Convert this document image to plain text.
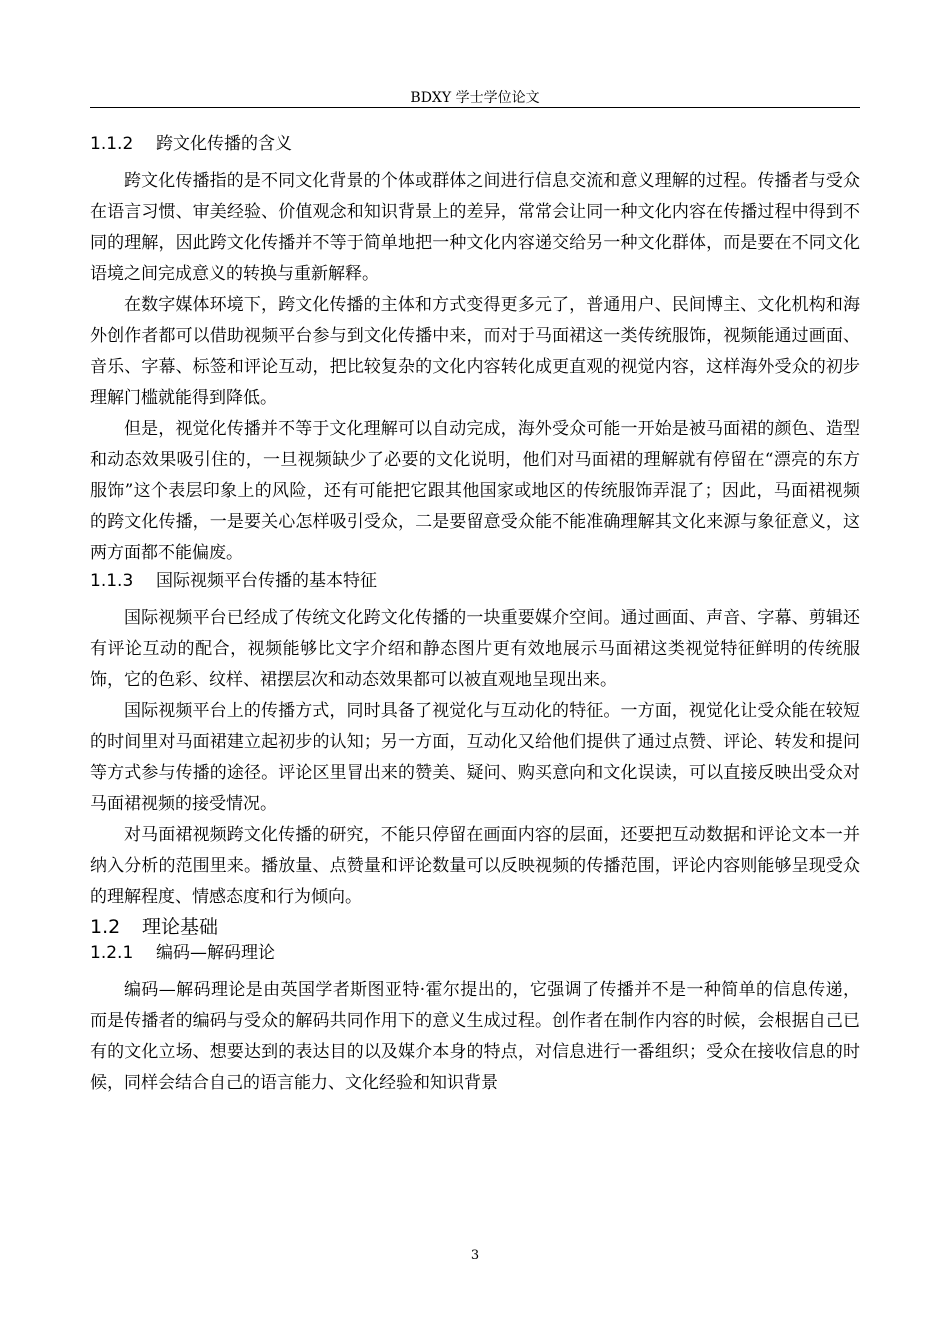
BDXY 学士学位论文
1.1.2 跨文化传播的含义

跨文化传播指的是不同文化背景的个体或群体之间进行信息交流和意义理解的过程。传播者与受众在语言习惯、审美经验、价值观念和知识背景上的差异，常常会让同一种文化内容在传播过程中得到不同的理解，因此跨文化传播并不等于简单地把一种文化内容递交给另一种文化群体，而是要在不同文化语境之间完成意义的转换与重新解释。

在数字媒体环境下，跨文化传播的主体和方式变得更多元了，普通用户、民间博主、文化机构和海外创作者都可以借助视频平台参与到文化传播中来，而对于马面裙这一类传统服饰，视频能通过画面、音乐、字幕、标签和评论互动，把比较复杂的文化内容转化成更直观的视觉内容，这样海外受众的初步理解门槛就能得到降低。

但是，视觉化传播并不等于文化理解可以自动完成，海外受众可能一开始是被马面裙的颜色、造型和动态效果吸引住的，一旦视频缺少了必要的文化说明，他们对马面裙的理解就有停留在“漂亮的东方服饰”这个表层印象上的风险，还有可能把它跟其他国家或地区的传统服饰弄混了；因此，马面裙视频的跨文化传播，一是要关心怎样吸引受众，二是要留意受众能不能准确理解其文化来源与象征意义，这两方面都不能偏废。

1.1.3 国际视频平台传播的基本特征

国际视频平台已经成了传统文化跨文化传播的一块重要媒介空间。通过画面、声音、字幕、剪辑还有评论互动的配合，视频能够比文字介绍和静态图片更有效地展示马面裙这类视觉特征鲜明的传统服饰，它的色彩、纹样、裙摆层次和动态效果都可以被直观地呈现出来。

国际视频平台上的传播方式，同时具备了视觉化与互动化的特征。一方面，视觉化让受众能在较短的时间里对马面裙建立起初步的认知；另一方面，互动化又给他们提供了通过点赞、评论、转发和提问等方式参与传播的途径。评论区里冒出来的赞美、疑问、购买意向和文化误读，可以直接反映出受众对马面裙视频的接受情况。

对马面裙视频跨文化传播的研究，不能只停留在画面内容的层面，还要把互动数据和评论文本一并纳入分析的范围里来。播放量、点赞量和评论数量可以反映视频的传播范围，评论内容则能够呈现受众的理解程度、情感态度和行为倾向。

1.2 理论基础
1.2.1 编码—解码理论

编码—解码理论是由英国学者斯图亚特·霍尔提出的，它强调了传播并不是一种简单的信息传递，而是传播者的编码与受众的解码共同作用下的意义生成过程。创作者在制作内容的时候，会根据自己已有的文化立场、想要达到的表达目的以及媒介本身的特点，对信息进行一番组织；受众在接收信息的时候，同样会结合自己的语言能力、文化经验和知识背景

3
